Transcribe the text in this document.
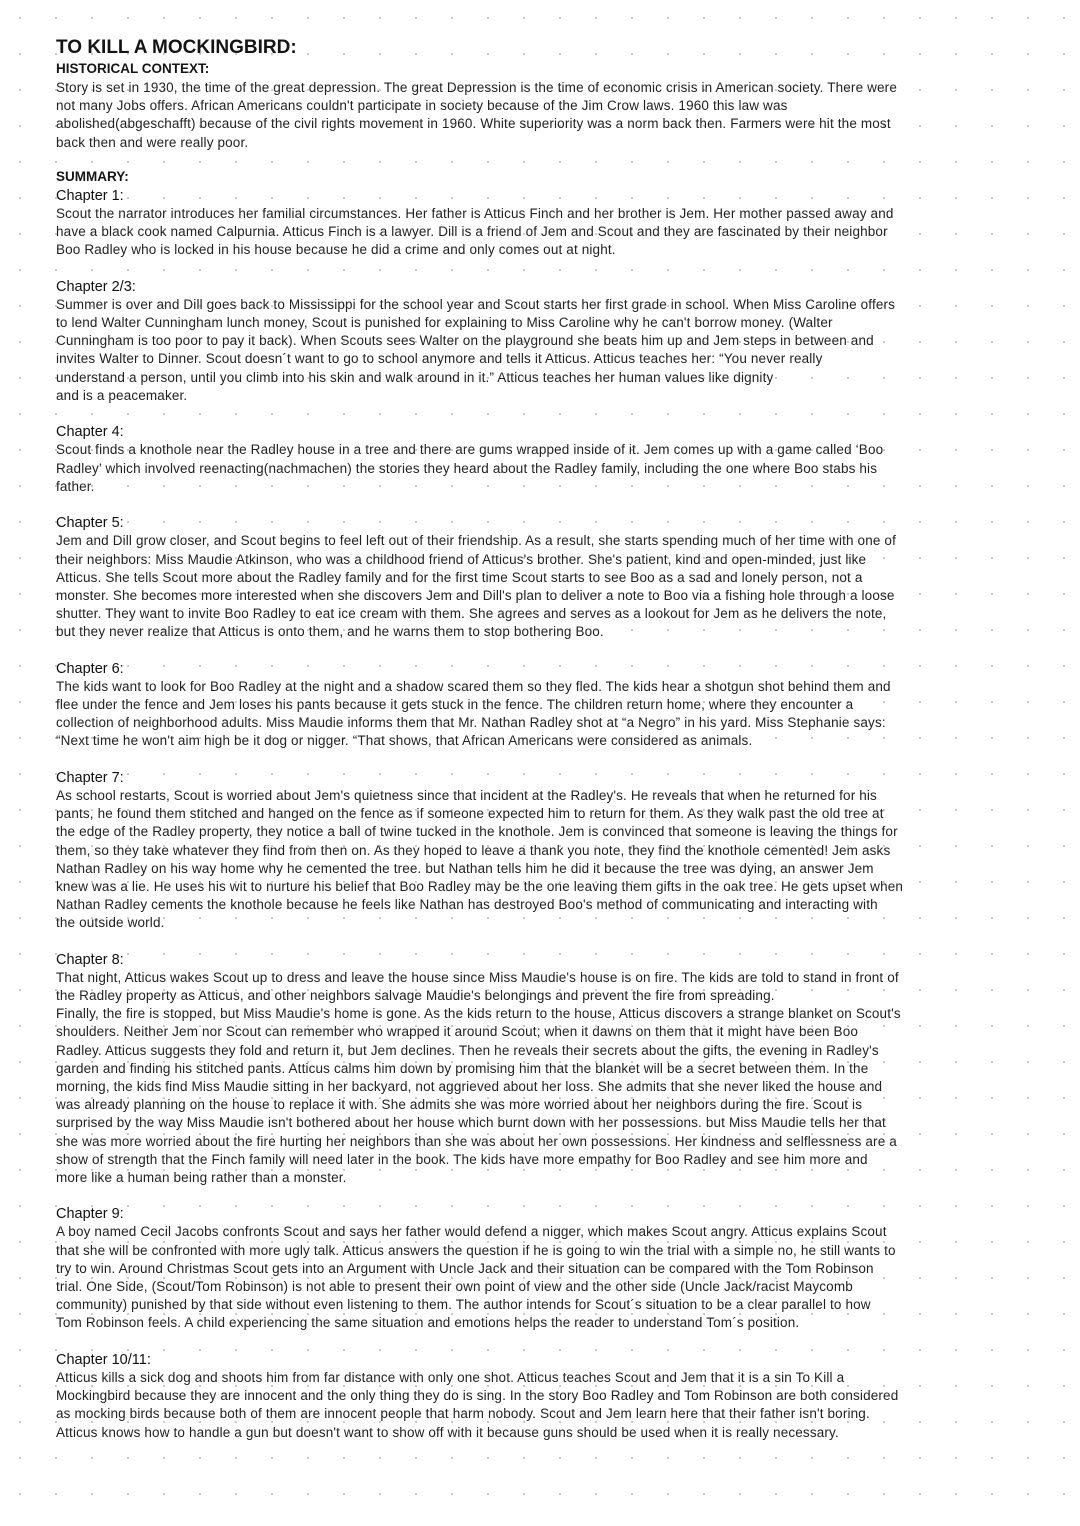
TO KILL A MOCKINGBIRD:
HISTORICAL CONTEXT:
Story is set in 1930, the time of the great depression. The great Depression is the time of economic crisis in American society. There were
not many Jobs offers. African Americans couldn't participate in society because of the Jim Crow laws. 1960 this law was
abolished(abgeschafft) because of the civil rights movement in 1960. White superiority was a norm back then. Farmers were hit the most
back then and were really poor.
SUMMARY:
Chapter 1:
Scout the narrator introduces her familial circumstances. Her father is Atticus Finch and her brother is Jem. Her mother passed away and
have a black cook named Calpurnia. Atticus Finch is a lawyer. Dill is a friend of Jem and Scout and they are fascinated by their neighbor
Boo Radley who is locked in his house because he did a crime and only comes out at night.
Chapter 2/3:
Summer is over and Dill goes back to Mississippi for the school year and Scout starts her first grade in school. When Miss Caroline offers
to lend Walter Cunningham lunch money, Scout is punished for explaining to Miss Caroline why he can't borrow money. (Walter
Cunningham is too poor to pay it back). When Scouts sees Walter on the playground she beats him up and Jem steps in between and
invites Walter to Dinner. Scout doesn´t want to go to school anymore and tells it Atticus. Atticus teaches her: “You never really
understand a person, until you climb into his skin and walk around in it.” Atticus teaches her human values like dignity
and is a peacemaker.
Chapter 4:
Scout finds a knothole near the Radley house in a tree and there are gums wrapped inside of it. Jem comes up with a game called ‘Boo
Radley’ which involved reenacting(nachmachen) the stories they heard about the Radley family, including the one where Boo stabs his
father.
Chapter 5:
Jem and Dill grow closer, and Scout begins to feel left out of their friendship. As a result, she starts spending much of her time with one of
their neighbors: Miss Maudie Atkinson, who was a childhood friend of Atticus's brother. She's patient, kind and open-minded, just like
Atticus. She tells Scout more about the Radley family and for the first time Scout starts to see Boo as a sad and lonely person, not a
monster. She becomes more interested when she discovers Jem and Dill's plan to deliver a note to Boo via a fishing hole through a loose
shutter. They want to invite Boo Radley to eat ice cream with them. She agrees and serves as a lookout for Jem as he delivers the note,
but they never realize that Atticus is onto them, and he warns them to stop bothering Boo.
Chapter 6:
The kids want to look for Boo Radley at the night and a shadow scared them so they fled. The kids hear a shotgun shot behind them and
flee under the fence and Jem loses his pants because it gets stuck in the fence. The children return home, where they encounter a
collection of neighborhood adults. Miss Maudie informs them that Mr. Nathan Radley shot at “a Negro” in his yard. Miss Stephanie says:
“Next time he won't aim high be it dog or nigger. “That shows, that African Americans were considered as animals.
Chapter 7:
As school restarts, Scout is worried about Jem's quietness since that incident at the Radley's. He reveals that when he returned for his
pants, he found them stitched and hanged on the fence as if someone expected him to return for them. As they walk past the old tree at
the edge of the Radley property, they notice a ball of twine tucked in the knothole. Jem is convinced that someone is leaving the things for
them, so they take whatever they find from then on. As they hoped to leave a thank you note, they find the knothole cemented! Jem asks
Nathan Radley on his way home why he cemented the tree. but Nathan tells him he did it because the tree was dying, an answer Jem
knew was a lie. He uses his wit to nurture his belief that Boo Radley may be the one leaving them gifts in the oak tree. He gets upset when
Nathan Radley cements the knothole because he feels like Nathan has destroyed Boo's method of communicating and interacting with
the outside world.
Chapter 8:
That night, Atticus wakes Scout up to dress and leave the house since Miss Maudie's house is on fire. The kids are told to stand in front of
the Radley property as Atticus, and other neighbors salvage Maudie's belongings and prevent the fire from spreading.
Finally, the fire is stopped, but Miss Maudie's home is gone. As the kids return to the house, Atticus discovers a strange blanket on Scout's
shoulders. Neither Jem nor Scout can remember who wrapped it around Scout; when it dawns on them that it might have been Boo
Radley. Atticus suggests they fold and return it, but Jem declines. Then he reveals their secrets about the gifts, the evening in Radley's
garden and finding his stitched pants. Atticus calms him down by promising him that the blanket will be a secret between them. In the
morning, the kids find Miss Maudie sitting in her backyard, not aggrieved about her loss. She admits that she never liked the house and
was already planning on the house to replace it with. She admits she was more worried about her neighbors during the fire. Scout is
surprised by the way Miss Maudie isn't bothered about her house which burnt down with her possessions. but Miss Maudie tells her that
she was more worried about the fire hurting her neighbors than she was about her own possessions. Her kindness and selflessness are a
show of strength that the Finch family will need later in the book. The kids have more empathy for Boo Radley and see him more and
more like a human being rather than a monster.
Chapter 9:
A boy named Cecil Jacobs confronts Scout and says her father would defend a nigger, which makes Scout angry. Atticus explains Scout
that she will be confronted with more ugly talk. Atticus answers the question if he is going to win the trial with a simple no, he still wants to
try to win. Around Christmas Scout gets into an Argument with Uncle Jack and their situation can be compared with the Tom Robinson
trial. One Side, (Scout/Tom Robinson) is not able to present their own point of view and the other side (Uncle Jack/racist Maycomb
community) punished by that side without even listening to them. The author intends for Scout´s situation to be a clear parallel to how
Tom Robinson feels. A child experiencing the same situation and emotions helps the reader to understand Tom´s position.
Chapter 10/11:
Atticus kills a sick dog and shoots him from far distance with only one shot. Atticus teaches Scout and Jem that it is a sin To Kill a
Mockingbird because they are innocent and the only thing they do is sing. In the story Boo Radley and Tom Robinson are both considered
as mocking birds because both of them are innocent people that harm nobody. Scout and Jem learn here that their father isn't boring.
Atticus knows how to handle a gun but doesn't want to show off with it because guns should be used when it is really necessary.
